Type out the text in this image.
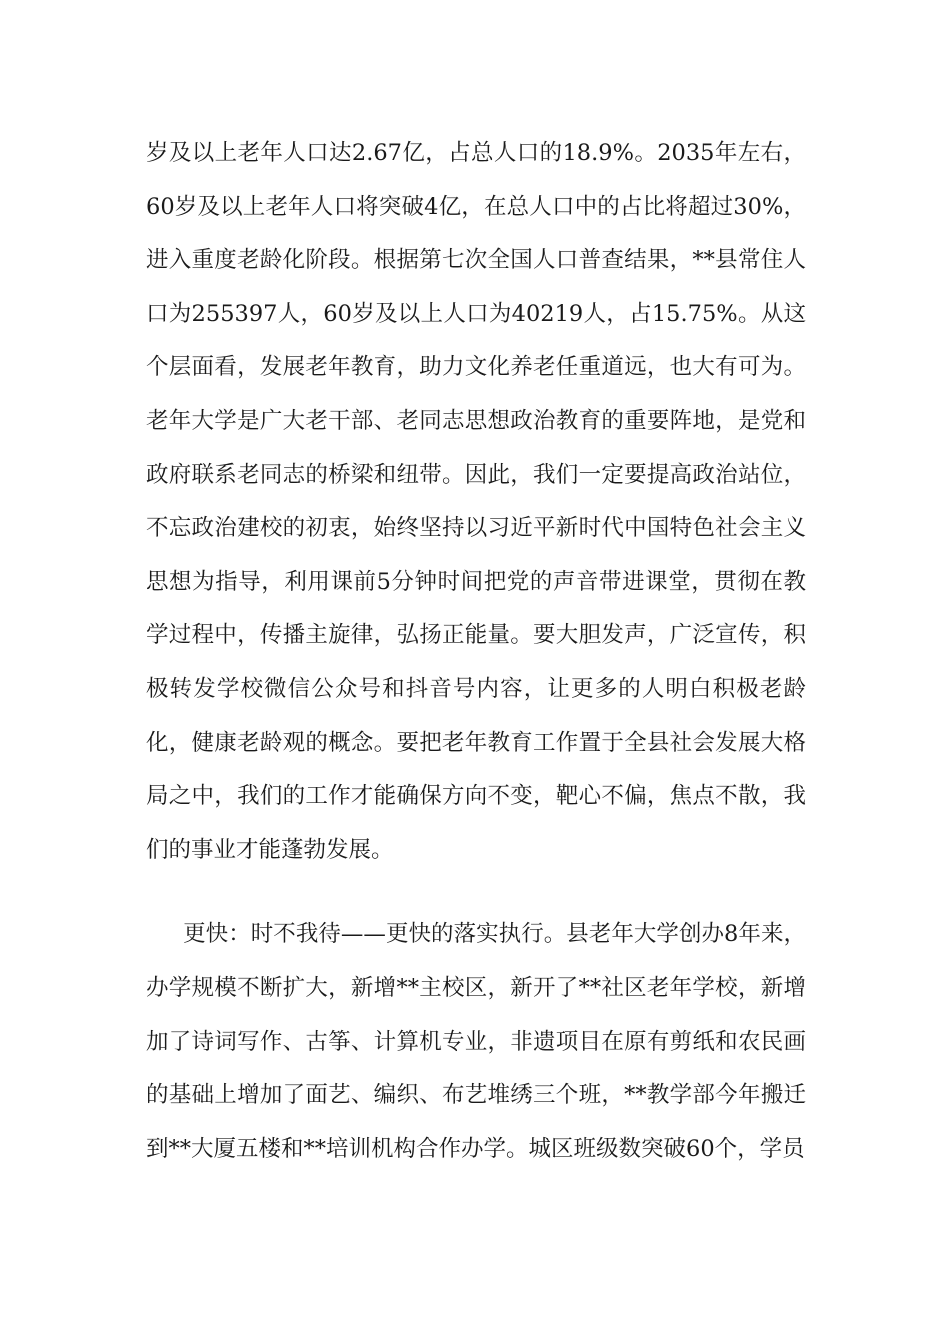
岁及以上老年人口达2.67亿，占总人口的18.9%。2035年左右，60岁及以上老年人口将突破4亿，在总人口中的占比将超过30%，进入重度老龄化阶段。根据第七次全国人口普查结果，**县常住人口为255397人，60岁及以上人口为40219人，占15.75%。从这个层面看，发展老年教育，助力文化养老任重道远，也大有可为。老年大学是广大老干部、老同志思想政治教育的重要阵地，是党和政府联系老同志的桥梁和纽带。因此，我们一定要提高政治站位，不忘政治建校的初衷，始终坚持以习近平新时代中国特色社会主义思想为指导，利用课前5分钟时间把党的声音带进课堂，贯彻在教学过程中，传播主旋律，弘扬正能量。要大胆发声，广泛宣传，积极转发学校微信公众号和抖音号内容，让更多的人明白积极老龄化，健康老龄观的概念。要把老年教育工作置于全县社会发展大格局之中，我们的工作才能确保方向不变，靶心不偏，焦点不散，我们的事业才能蓬勃发展。

更快：时不我待——更快的落实执行。县老年大学创办8年来，办学规模不断扩大，新增**主校区，新开了**社区老年学校，新增加了诗词写作、古筝、计算机专业，非遗项目在原有剪纸和农民画的基础上增加了面艺、编织、布艺堆绣三个班，**教学部今年搬迁到**大厦五楼和**培训机构合作办学。城区班级数突破60个，学员
